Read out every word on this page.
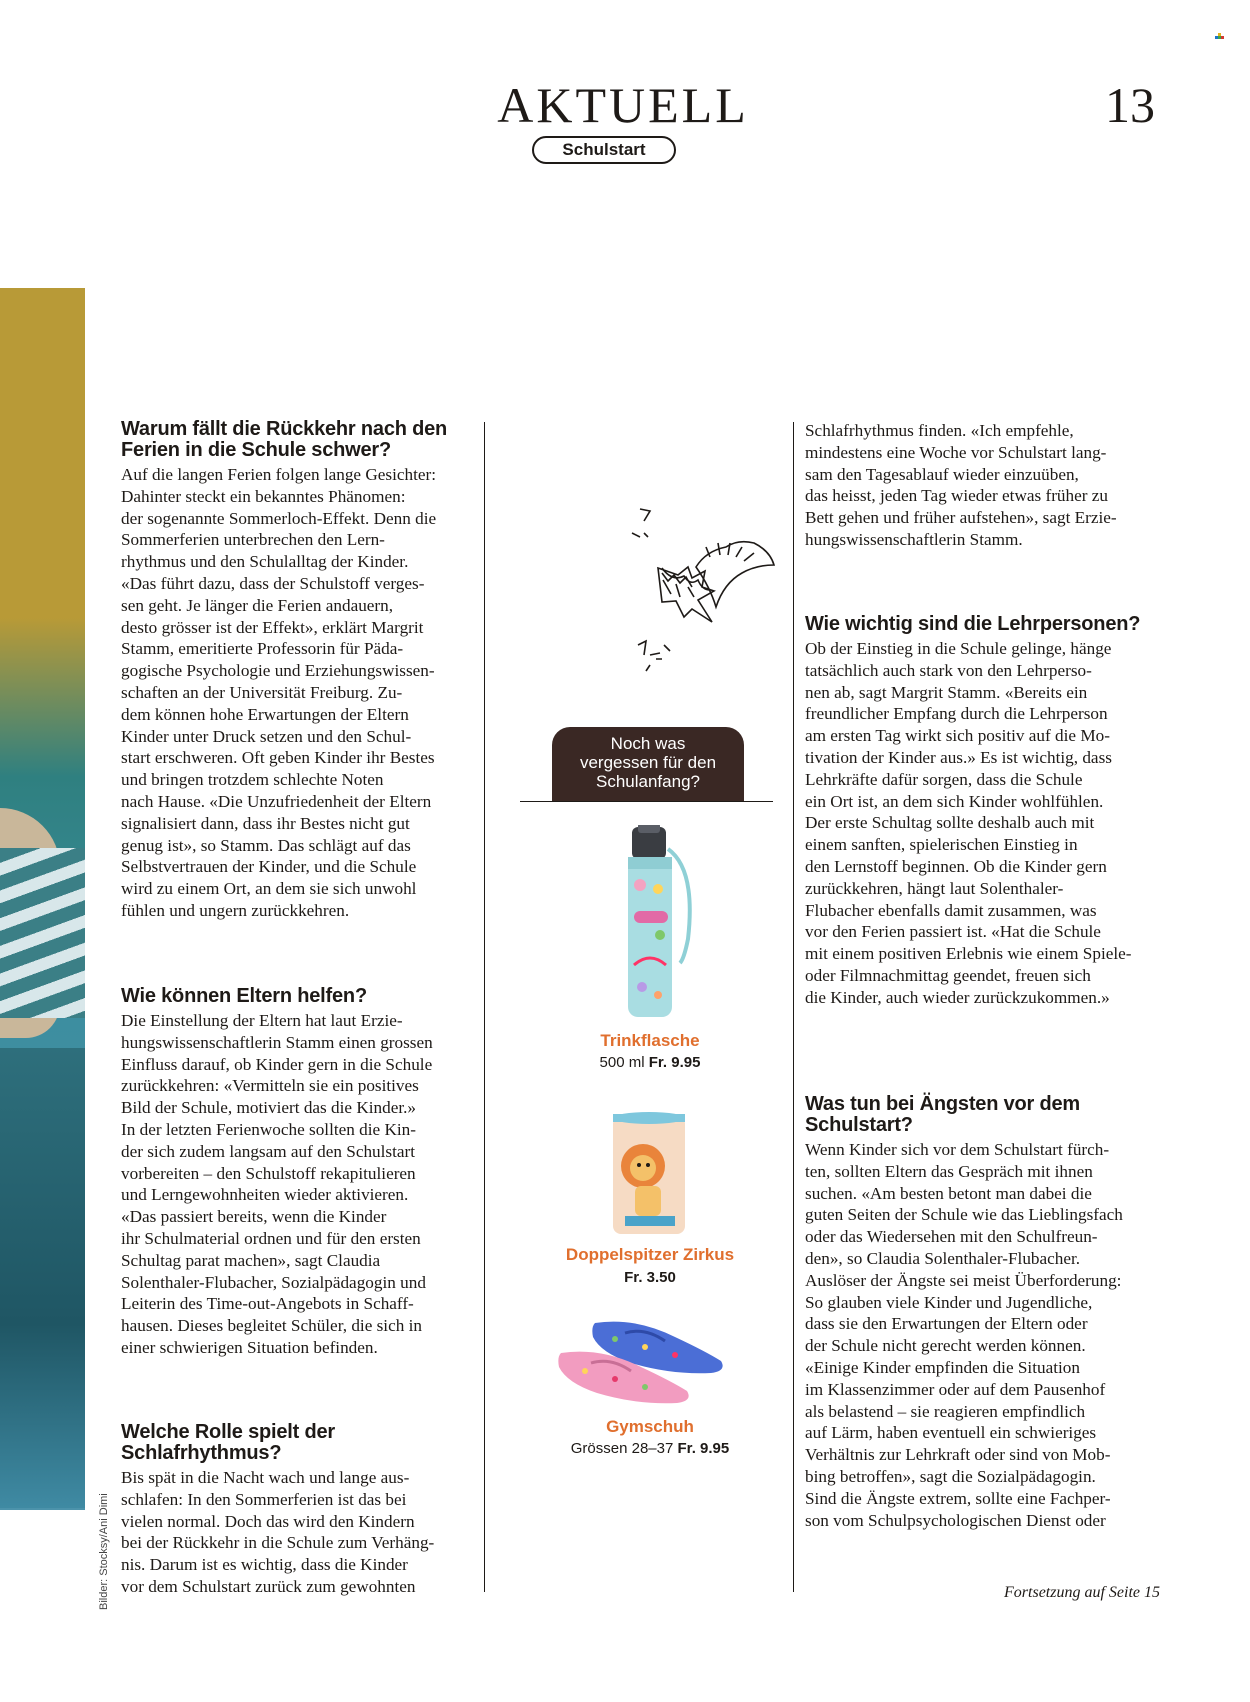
AKTUELL	13
Schulstart
Bilder: Stocksy/Ani Dimi
Warum fällt die Rückkehr nach den Ferien in die Schule schwer?

Auf die langen Ferien folgen lange Gesichter:
Dahinter steckt ein bekanntes Phänomen:
der sogenannte Sommerloch-Effekt. Denn die
Sommerferien unterbrechen den Lern-
rhythmus und den Schulalltag der Kinder.
«Das führt dazu, dass der Schulstoff verges-
sen geht. Je länger die Ferien andauern,
desto grösser ist der Effekt», erklärt Margrit
Stamm, emeritierte Professorin für Päda-
gogische Psychologie und Erziehungswissen-
schaften an der Universität Freiburg. Zu-
dem können hohe Erwartungen der Eltern
Kinder unter Druck setzen und den Schul-
start erschweren. Oft geben Kinder ihr Bestes
und bringen trotzdem schlechte Noten
nach Hause. «Die Unzufriedenheit der Eltern
signalisiert dann, dass ihr Bestes nicht gut
genug ist», so Stamm. Das schlägt auf das
Selbstvertrauen der Kinder, und die Schule
wird zu einem Ort, an dem sie sich unwohl
fühlen und ungern zurückkehren.

Wie können Eltern helfen?

Die Einstellung der Eltern hat laut Erzie-
hungswissenschaftlerin Stamm einen grossen
Einfluss darauf, ob Kinder gern in die Schule
zurückkehren: «Vermitteln sie ein positives
Bild der Schule, motiviert das die Kinder.»
In der letzten Ferienwoche sollten die Kin-
der sich zudem langsam auf den Schulstart
vorbereiten – den Schulstoff rekapitulieren
und Lerngewohnheiten wieder aktivieren.
«Das passiert bereits, wenn die Kinder
ihr Schulmaterial ordnen und für den ersten
Schultag parat machen», sagt Claudia
Solenthaler-Flubacher, Sozialpädagogin und
Leiterin des Time-out-Angebots in Schaff-
hausen. Dieses begleitet Schüler, die sich in
einer schwierigen Situation befinden.

Welche Rolle spielt der Schlafrhythmus?

Bis spät in die Nacht wach und lange aus-
schlafen: In den Sommerferien ist das bei
vielen normal. Doch das wird den Kindern
bei der Rückkehr in die Schule zum Verhäng-
nis. Darum ist es wichtig, dass die Kinder
vor dem Schulstart zurück zum gewohnten

Noch was
vergessen für den
Schulanfang?
Trinkflasche
500 ml Fr. 9.95
Doppelspitzer Zirkus
Fr. 3.50
Gymschuh
Grössen 28–37 Fr. 9.95

Schlafrhythmus finden. «Ich empfehle,
mindestens eine Woche vor Schulstart lang-
sam den Tagesablauf wieder einzuüben,
das heisst, jeden Tag wieder etwas früher zu
Bett gehen und früher aufstehen», sagt Erzie-
hungswissenschaftlerin Stamm.

Wie wichtig sind die Lehrpersonen?

Ob der Einstieg in die Schule gelinge, hänge
tatsächlich auch stark von den Lehrperso-
nen ab, sagt Margrit Stamm. «Bereits ein
freundlicher Empfang durch die Lehrperson
am ersten Tag wirkt sich positiv auf die Mo-
tivation der Kinder aus.» Es ist wichtig, dass
Lehrkräfte dafür sorgen, dass die Schule
ein Ort ist, an dem sich Kinder wohlfühlen.
Der erste Schultag sollte deshalb auch mit
einem sanften, spielerischen Einstieg in
den Lernstoff beginnen. Ob die Kinder gern
zurückkehren, hängt laut Solenthaler-
Flubacher ebenfalls damit zusammen, was
vor den Ferien passiert ist. «Hat die Schule
mit einem positiven Erlebnis wie einem Spiele-
oder Filmnachmittag geendet, freuen sich
die Kinder, auch wieder zurückzukommen.»

Was tun bei Ängsten vor dem Schulstart?

Wenn Kinder sich vor dem Schulstart fürch-
ten, sollten Eltern das Gespräch mit ihnen
suchen. «Am besten betont man dabei die
guten Seiten der Schule wie das Lieblingsfach
oder das Wiedersehen mit den Schulfreun-
den», so Claudia Solenthaler-Flubacher.
Auslöser der Ängste sei meist Überforderung:
So glauben viele Kinder und Jugendliche,
dass sie den Erwartungen der Eltern oder
der Schule nicht gerecht werden können.
«Einige Kinder empfinden die Situation
im Klassenzimmer oder auf dem Pausenhof
als belastend – sie reagieren empfindlich
auf Lärm, haben eventuell ein schwieriges
Verhältnis zur Lehrkraft oder sind von Mob-
bing betroffen», sagt die Sozialpädagogin.
Sind die Ängste extrem, sollte eine Fachper-
son vom Schulpsychologischen Dienst oder

Fortsetzung auf Seite 15
